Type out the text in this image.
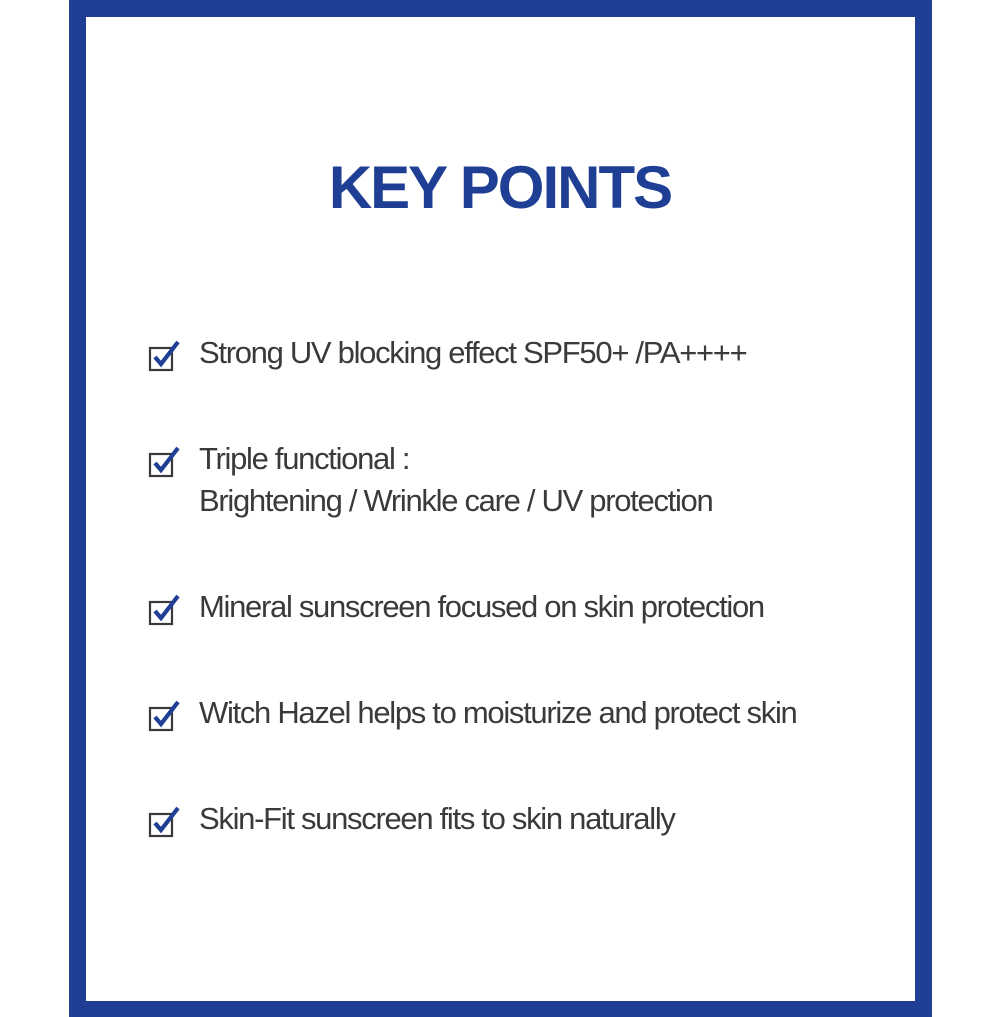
KEY POINTS
Strong UV blocking effect SPF50+ /PA++++
Triple functional :
Brightening / Wrinkle care / UV protection
Mineral sunscreen focused on skin protection
Witch Hazel helps to moisturize and protect skin
Skin-Fit sunscreen fits to skin naturally
